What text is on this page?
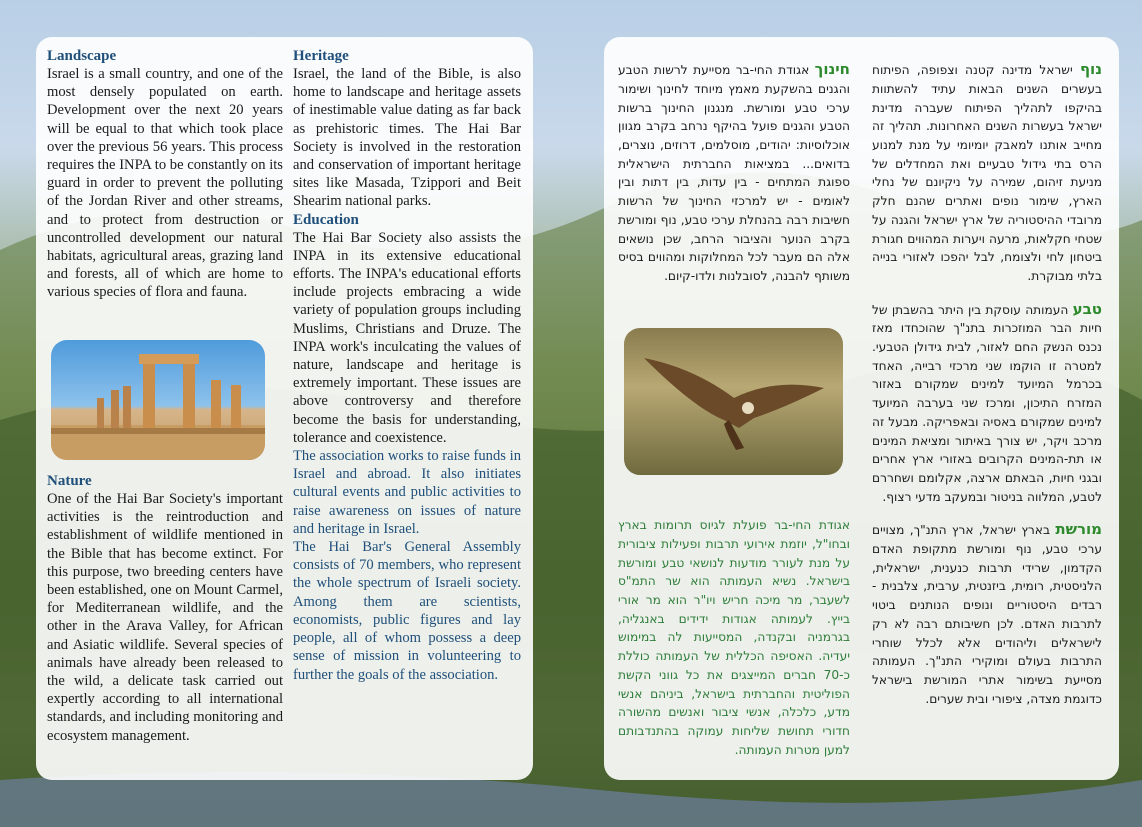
Landscape

Israel is a small country, and one of the most densely populated on earth. Development over the next 20 years will be equal to that which took place over the previous 56 years. This process requires the INPA to be constantly on its guard in order to prevent the polluting of the Jordan River and other streams, and to protect from destruction or uncontrolled development our natural habitats, agricultural areas, grazing land and forests, all of which are home to various species of flora and fauna.

Nature

One of the Hai Bar Society's important activities is the reintroduction and establishment of wildlife mentioned in the Bible that has become extinct. For this purpose, two breeding centers have been established, one on Mount Carmel, for Mediterranean wildlife, and the other in the Arava Valley, for African and Asiatic wildlife. Several species of animals have already been released to the wild, a delicate task carried out expertly according to all international standards, and including monitoring and ecosystem management.

Heritage

Israel, the land of the Bible, is also home to landscape and heritage assets of inestimable value dating as far back as prehistoric times. The Hai Bar Society is involved in the restoration and conservation of important heritage sites like Masada, Tzippori and Beit Shearim national parks.

Education

The Hai Bar Society also assists the INPA in its extensive educational efforts. The INPA's educational efforts include projects embracing a wide variety of population groups including Muslims, Christians and Druze. The INPA work's inculcating the values of nature, landscape and heritage is extremely important. These issues are above controversy and therefore become the basis for understanding, tolerance and coexistence.

The association works to raise funds in Israel and abroad. It also initiates cultural events and public activities to raise awareness on issues of nature and heritage in Israel.

The Hai Bar's General Assembly consists of 70 members, who represent the whole spectrum of Israeli society. Among them are scientists, economists, public figures and lay people, all of whom possess a deep sense of mission in volunteering to further the goals of the association.

נוף ישראל מדינה קטנה וצפופה, הפיתוח בעשרים השנים הבאות עתיד להשתוות בהיקפו לתהליך הפיתוח שעברה מדינת ישראל בעשרות השנים האחרונות. תהליך זה מחייב אותנו למאבק יומיומי על מנת למנוע הרס בתי גידול טבעיים ואת המחדלים של מניעת זיהום, שמירה על ניקיונם של נחלי הארץ, שימור נופים ואתרים שהנם חלק מרובדי ההיסטוריה של ארץ ישראל והגנה על שטחי חקלאות, מרעה ויערות המהווים חגורת ביטחון לחי ולצומח, לבל יהפכו לאזורי בנייה בלתי מבוקרת.

טבע העמותה עוסקת בין היתר בהשבתן של חיות הבר המוזכרות בתנ"ך שהוכחדו מאז נכנס הנשק החם לאזור, לבית גידולן הטבעי. למטרה זו הוקמו שני מרכזי רבייה, האחד בכרמל המיועד למינים שמקורם באזור המזרח התיכון, ומרכז שני בערבה המיועד למינים שמקורם באסיה ובאפריקה. מבעל זה מרכב ויקר, יש צורך באיתור ומציאת המינים או תת-המינים הקרובים באזורי ארץ אחרים ובגני חיות, הבאתם ארצה, אקלומם ושחררם לטבע, המלווה בניטור ובמעקב מדעי רצוף.

מורשת בארץ ישראל, ארץ התנ"ך, מצויים ערכי טבע, נוף ומורשת מתקופת האדם הקדמון, שרידי תרבות כנענית, ישראלית, הלניסטית, רומית, ביזנטית, ערבית, צלבנית - רבדים היסטוריים ונופים הנותנים ביטוי לתרבות האדם. לכן חשיבותם רבה לא רק לישראלים וליהודים אלא לכלל שוחרי התרבות בעולם ומוקירי התנ"ך. העמותה מסייעת בשימור אתרי המורשת בישראל כדוגמת מצדה, ציפורי ובית שערים.

חינוך אגודת החי-בר מסייעת לרשות הטבע והגנים בהשקעת מאמץ מיוחד לחינוך ושימור ערכי טבע ומורשת. מנגנון החינוך ברשות הטבע והגנים פועל בהיקף נרחב בקרב מגוון אוכלוסיות: יהודים, מוסלמים, דרוזים, נוצרים, בדואים... במציאות החברתית הישראלית ספוגת המתחים - בין עדות, בין דתות ובין לאומים - יש למרכזי החינוך של הרשות חשיבות רבה בהנחלת ערכי טבע, נוף ומורשת בקרב הנוער והציבור הרחב, שכן נושאים אלה הם מעבר לכל המחלוקות ומהווים בסיס משותף להבנה, לסובלנות ולדו-קיום.

אגודת החי-בר פועלת לגיוס תרומות בארץ ובחו"ל, יוזמת אירועי תרבות ופעילות ציבורית על מנת לעורר מודעות לנושאי טבע ומורשת בישראל. נשיא העמותה הוא שר התמ"ס לשעבר, מר מיכה חריש ויו"ר הוא מר אורי בייץ. לעמותה אגודות ידידים באנגליה, בגרמניה ובקנדה, המסייעות לה במימוש יעדיה. האסיפה הכללית של העמותה כוללת כ-70 חברים המייצגים את כל גווני הקשת הפוליטית והחברתית בישראל, ביניהם אנשי מדע, כלכלה, אנשי ציבור ואנשים מהשורה חדורי תחושת שליחות עמוקה בהתנדבותם למען מטרות העמותה.
